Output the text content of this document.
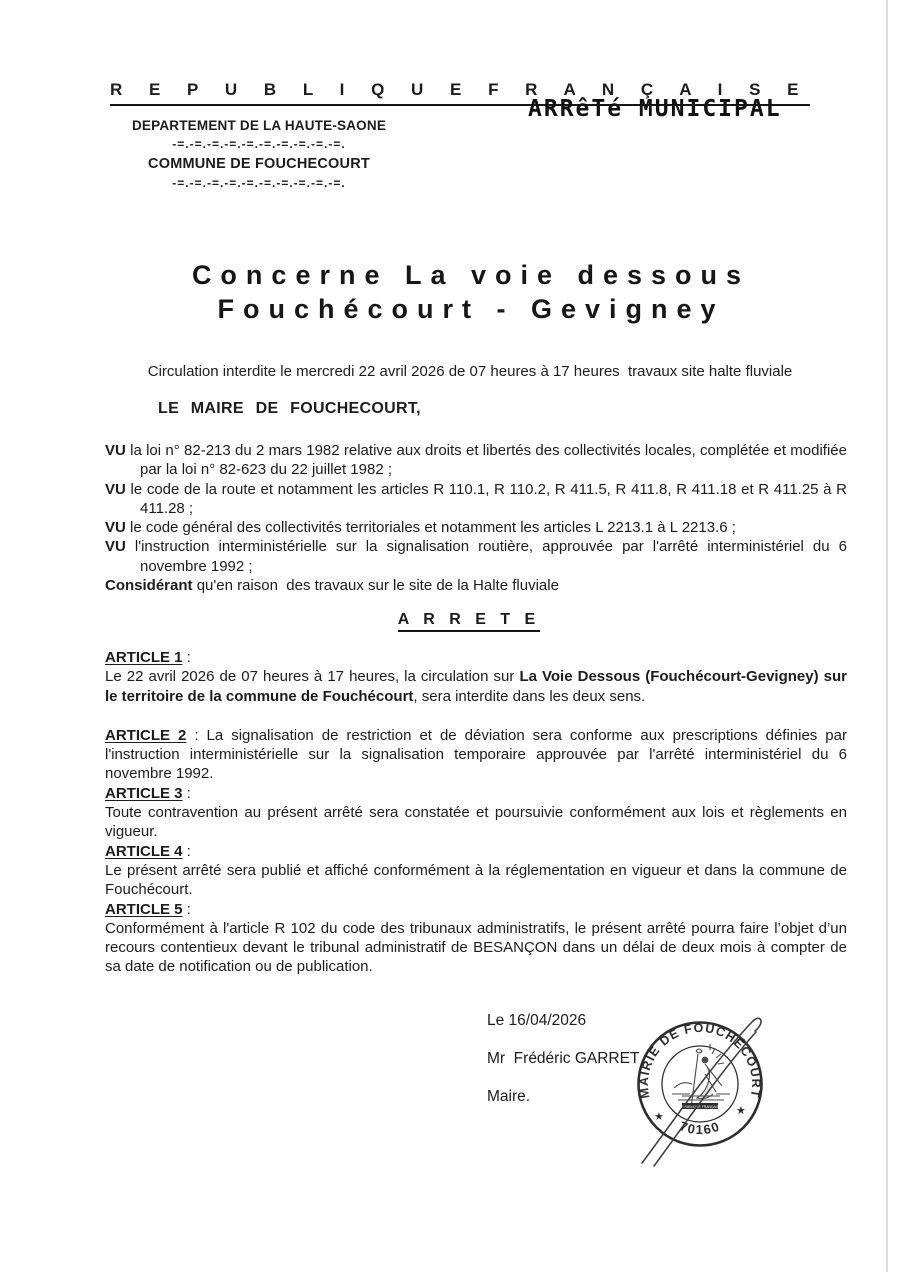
R E P U B L I Q U E F R A N Ç A I S E
DEPARTEMENT DE LA HAUTE-SAONE
-=.-=.-=.-=.-=.-=.-=.-=.-=.-=.
COMMUNE DE FOUCHECOURT
-=.-=.-=.-=.-=.-=.-=.-=.-=.-=.
ARRêTé MUNICIPAL
Concerne La voie dessous
Fouchécourt - Gevigney
Circulation interdite le mercredi 22 avril 2026 de 07 heures à 17 heures  travaux site halte fluviale
LE MAIRE DE FOUCHECOURT,

VU la loi n° 82-213 du 2 mars 1982 relative aux droits et libertés des collectivités locales, complétée et modifiée par la loi n° 82-623 du 22 juillet 1982 ;

VU le code de la route et notamment les articles R 110.1, R 110.2, R 411.5, R 411.8, R 411.18 et R 411.25 à R 411.28 ;

VU le code général des collectivités territoriales et notamment les articles L 2213.1 à L 2213.6 ;

VU l'instruction interministérielle sur la signalisation routière, approuvée par l'arrêté interministériel du 6 novembre 1992 ;

Considérant qu'en raison  des travaux sur le site de la Halte fluviale

A R R E T E

ARTICLE 1 :

Le 22 avril 2026 de 07 heures à 17 heures, la circulation sur La Voie Dessous (Fouchécourt-Gevigney) sur le territoire de la commune de Fouchécourt, sera interdite dans les deux sens.

ARTICLE 2 : La signalisation de restriction et de déviation sera conforme aux prescriptions définies par l'instruction interministérielle sur la signalisation temporaire approuvée par l'arrêté interministériel du 6 novembre 1992.

ARTICLE 3 :

Toute contravention au présent arrêté sera constatée et poursuivie conformément aux lois et règlements en vigueur.

ARTICLE 4 :

Le présent arrêté sera publié et affiché conformément à la réglementation en vigueur et dans la commune de Fouchécourt.

ARTICLE 5 :

Conformément à l'article R 102 du code des tribunaux administratifs, le présent arrêté pourra faire l’objet d’un recours contentieux devant le tribunal administratif de BESANÇON dans un délai de deux mois à compter de sa date de notification ou de publication.

Le 16/04/2026

Mr  Frédéric GARRET

Maire.	MAIRIE DE FOUCHÉCOURT
70160
★	★
REPUBLIQUE FRANÇAISE
